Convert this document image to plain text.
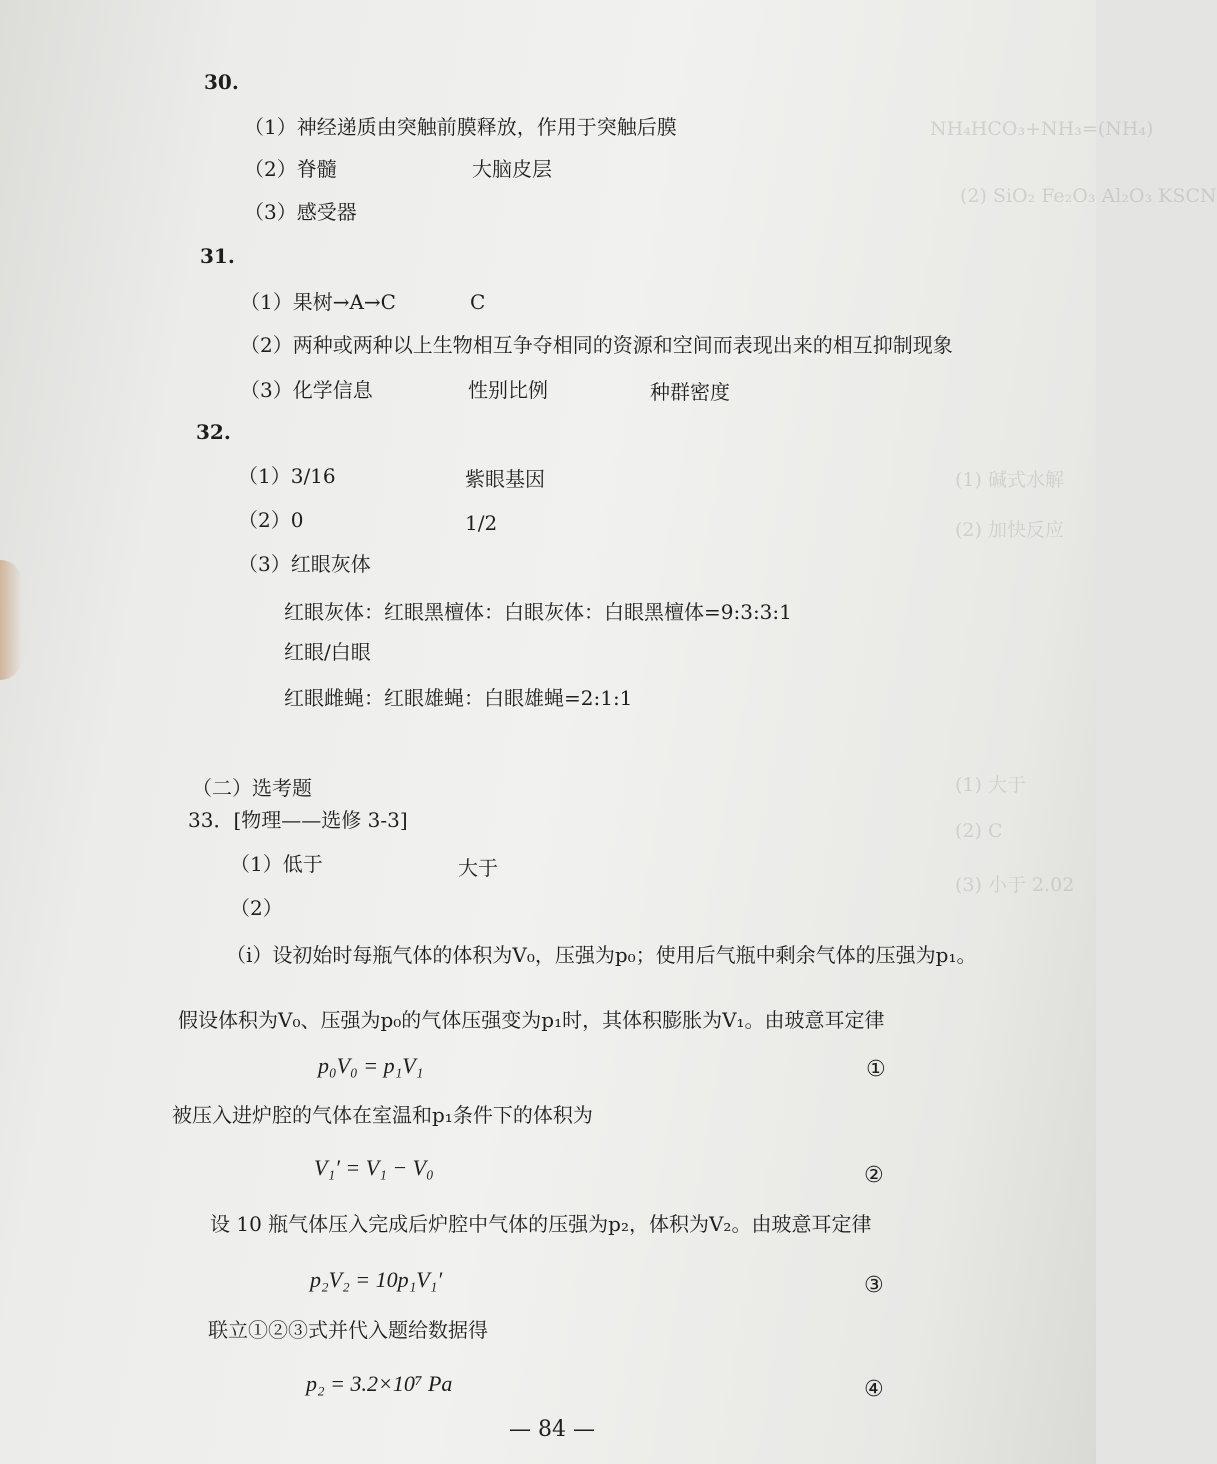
NH₄HCO₃+NH₃=(NH₄)
(2) SiO₂ Fe₂O₃ Al₂O₃ KSCN
(1) 碱式水解
(2) 加快反应
(1) 大于
(2) C
(3) 小于 2.02
30.
（1）神经递质由突触前膜释放，作用于突触后膜
（2）脊髓	大脑皮层
（3）感受器
31.
（1）果树→A→C	C
（2）两种或两种以上生物相互争夺相同的资源和空间而表现出来的相互抑制现象
（3）化学信息	性别比例	种群密度
32.
（1）3/16	紫眼基因
（2）0	1/2
（3）红眼灰体
红眼灰体：红眼黑檀体：白眼灰体：白眼黑檀体=9:3:3:1
红眼/白眼
红眼雌蝇：红眼雄蝇：白眼雄蝇=2:1:1
（二）选考题
33．[物理——选修 3-3]
（1）低于	大于
（2）
（i）设初始时每瓶气体的体积为V₀，压强为p₀；使用后气瓶中剩余气体的压强为p₁。
假设体积为V₀、压强为p₀的气体压强变为p₁时，其体积膨胀为V₁。由玻意耳定律
p₀V₀ = p₁V₁	①
被压入进炉腔的气体在室温和p₁条件下的体积为
V₁′ = V₁ − V₀	②
设 10 瓶气体压入完成后炉腔中气体的压强为p₂，体积为V₂。由玻意耳定律
p₂V₂ = 10p₁V₁′	③
联立①②③式并代入题给数据得
p₂ = 3.2×10⁷ Pa	④
— 84 —
